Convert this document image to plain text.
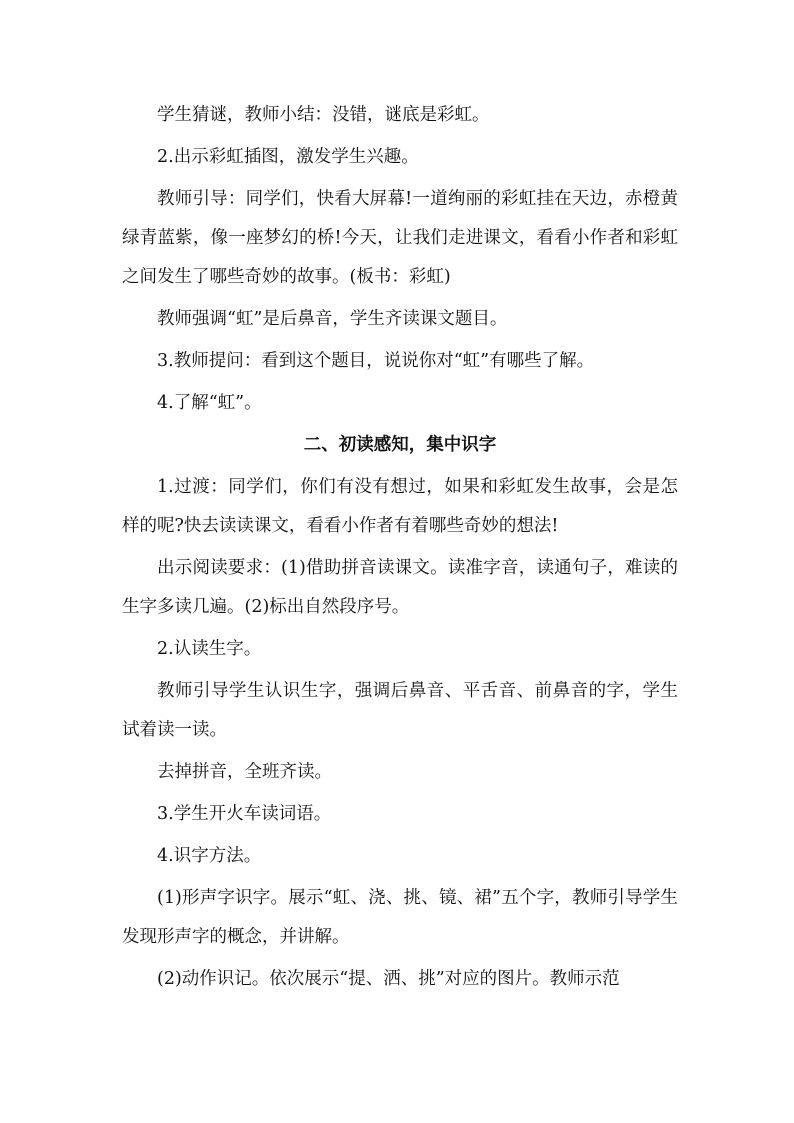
学生猜谜，教师小结：没错，谜底是彩虹。

2.出示彩虹插图，激发学生兴趣。

教师引导：同学们，快看大屏幕!一道绚丽的彩虹挂在天边，赤橙黄绿青蓝紫，像一座梦幻的桥!今天，让我们走进课文，看看小作者和彩虹之间发生了哪些奇妙的故事。(板书：彩虹)

教师强调“虹”是后鼻音，学生齐读课文题目。

3.教师提问：看到这个题目，说说你对“虹”有哪些了解。

4.了解“虹”。

二、初读感知，集中识字

1.过渡：同学们，你们有没有想过，如果和彩虹发生故事，会是怎样的呢?快去读读课文，看看小作者有着哪些奇妙的想法!

出示阅读要求：(1)借助拼音读课文。读准字音，读通句子，难读的生字多读几遍。(2)标出自然段序号。

2.认读生字。

教师引导学生认识生字，强调后鼻音、平舌音、前鼻音的字，学生试着读一读。

去掉拼音，全班齐读。

3.学生开火车读词语。

4.识字方法。

(1)形声字识字。展示“虹、浇、挑、镜、裙”五个字，教师引导学生发现形声字的概念，并讲解。

(2)动作识记。依次展示“提、洒、挑”对应的图片。教师示范
